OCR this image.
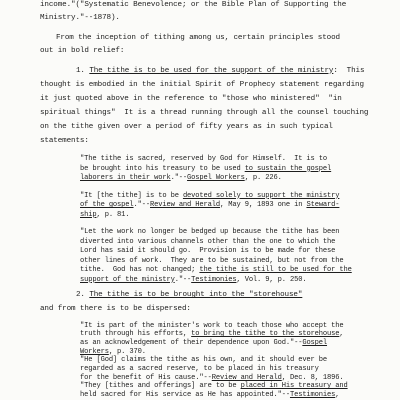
income."("Systematic Benevolence; or the Bible Plan of Supporting the
Ministry."--1878).
From the inception of tithing among us, certain principles stood
out in bold relief:
1. The tithe is to be used for the support of the ministry:  This
thought is embodied in the initial Spirit of Prophecy statement regarding
it just quoted above in the reference to "those who ministered"  "in
spiritual things"  It is a thread running through all the counsel touching
on the tithe given over a period of fifty years as in such typical
statements:
"The tithe is sacred, reserved by God for Himself.  It is to
be brought into his treasury to be used to sustain the gospel
laborers in their work."--Gospel Workers, p. 226.
"It [the tithe] is to be devoted solely to support the ministry
of the gospel."--Review and Herald, May 9, 1893 one in Steward-
ship, p. 81.
"Let the work no longer be bedged up because the tithe has been
diverted into various channels other than the one to which the
Lord has said it should go.  Provision is to be made for these
other lines of work.  They are to be sustained, but not from the
tithe.  God has not changed; the tithe is still to be used for the
support of the ministry."--Testimonies, Vol. 9, p. 250.
2. The tithe is to be brought into the "storehouse"
and from there is to be dispersed:
"It is part of the minister's work to teach those who accept the
truth through his efforts, to bring the tithe to the storehouse,
as an acknowledgement of their dependence upon God."--Gospel
Workers, p. 370.
"He [God] claims the tithe as his own, and it should ever be
regarded as a sacred reserve, to be placed in his treasury
for the benefit of His cause."--Review and Herald, Dec. 8, 1896.
"They [tithes and offerings] are to be placed in His treasury and
held sacred for His service as He has appointed."--Testimonies,
